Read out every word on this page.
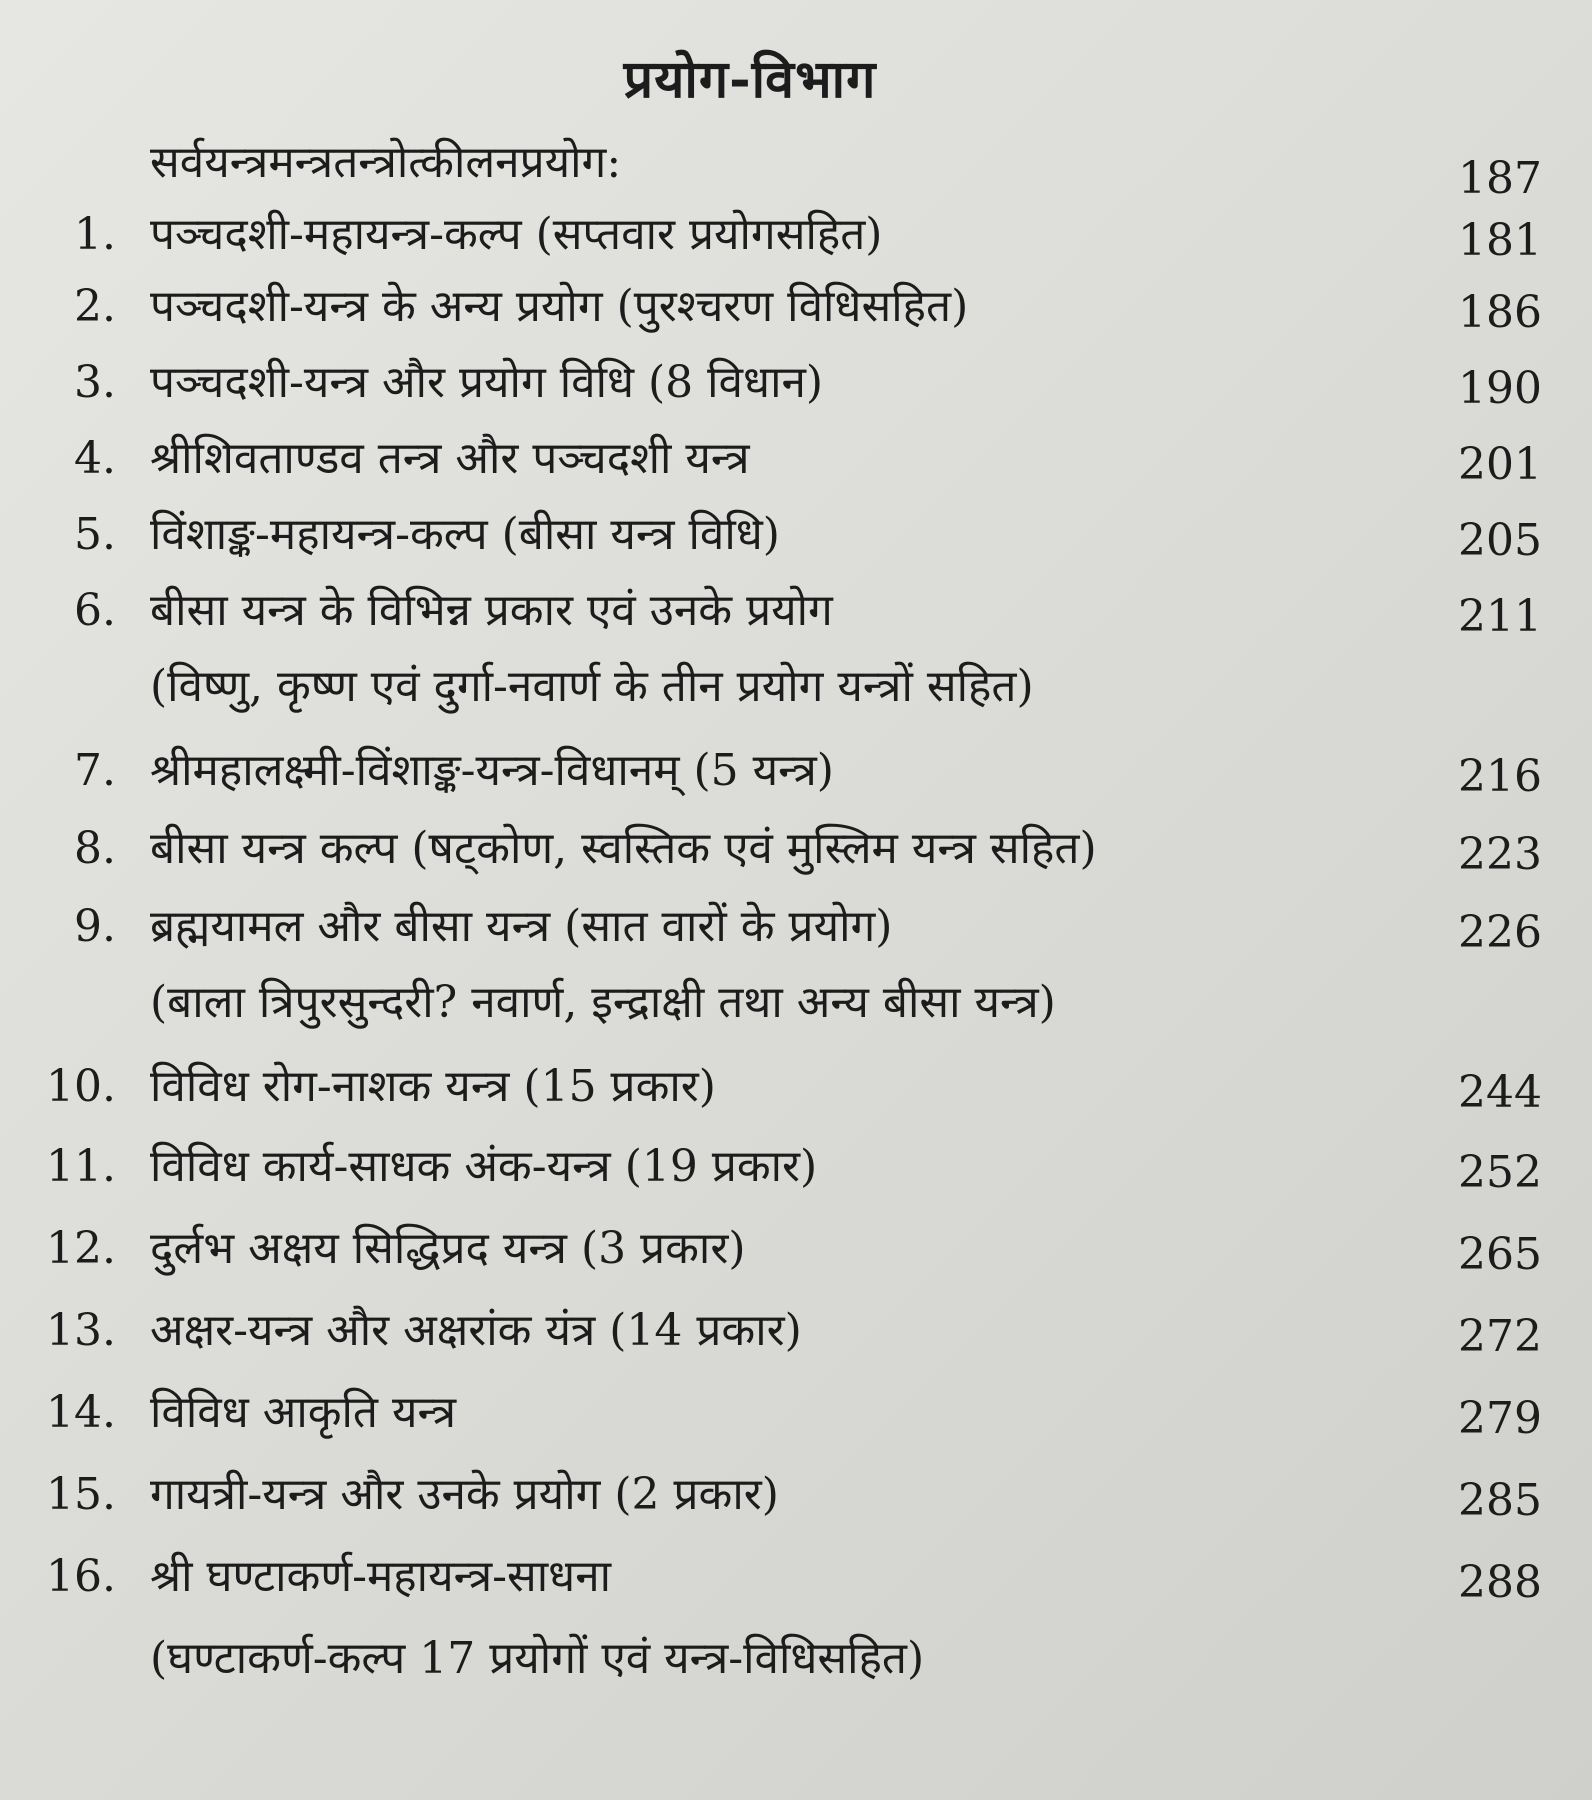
प्रयोग-विभाग
सर्वयन्त्रमन्त्रतन्त्रोत्कीलनप्रयोग:	187
1. पञ्चदशी-महायन्त्र-कल्प (सप्तवार प्रयोगसहित)	181
2. पञ्चदशी-यन्त्र के अन्य प्रयोग (पुरश्चरण विधिसहित)	186
3. पञ्चदशी-यन्त्र और प्रयोग विधि (8 विधान)	190
4. श्रीशिवताण्डव तन्त्र और पञ्चदशी यन्त्र	201
5. विंशाङ्क-महायन्त्र-कल्प (बीसा यन्त्र विधि)	205
6. बीसा यन्त्र के विभिन्न प्रकार एवं उनके प्रयोग	211
(विष्णु, कृष्ण एवं दुर्गा-नवार्ण के तीन प्रयोग यन्त्रों सहित)
7. श्रीमहालक्ष्मी-विंशाङ्क-यन्त्र-विधानम् (5 यन्त्र)	216
8. बीसा यन्त्र कल्प (षट्कोण, स्वस्तिक एवं मुस्लिम यन्त्र सहित)	223
9. ब्रह्मयामल और बीसा यन्त्र (सात वारों के प्रयोग)	226
(बाला त्रिपुरसुन्दरी? नवार्ण, इन्द्राक्षी तथा अन्य बीसा यन्त्र)
10. विविध रोग-नाशक यन्त्र (15 प्रकार)	244
11. विविध कार्य-साधक अंक-यन्त्र (19 प्रकार)	252
12. दुर्लभ अक्षय सिद्धिप्रद यन्त्र (3 प्रकार)	265
13. अक्षर-यन्त्र और अक्षरांक यंत्र (14 प्रकार)	272
14. विविध आकृति यन्त्र	279
15. गायत्री-यन्त्र और उनके प्रयोग (2 प्रकार)	285
16. श्री घण्टाकर्ण-महायन्त्र-साधना	288
(घण्टाकर्ण-कल्प 17 प्रयोगों एवं यन्त्र-विधिसहित)
